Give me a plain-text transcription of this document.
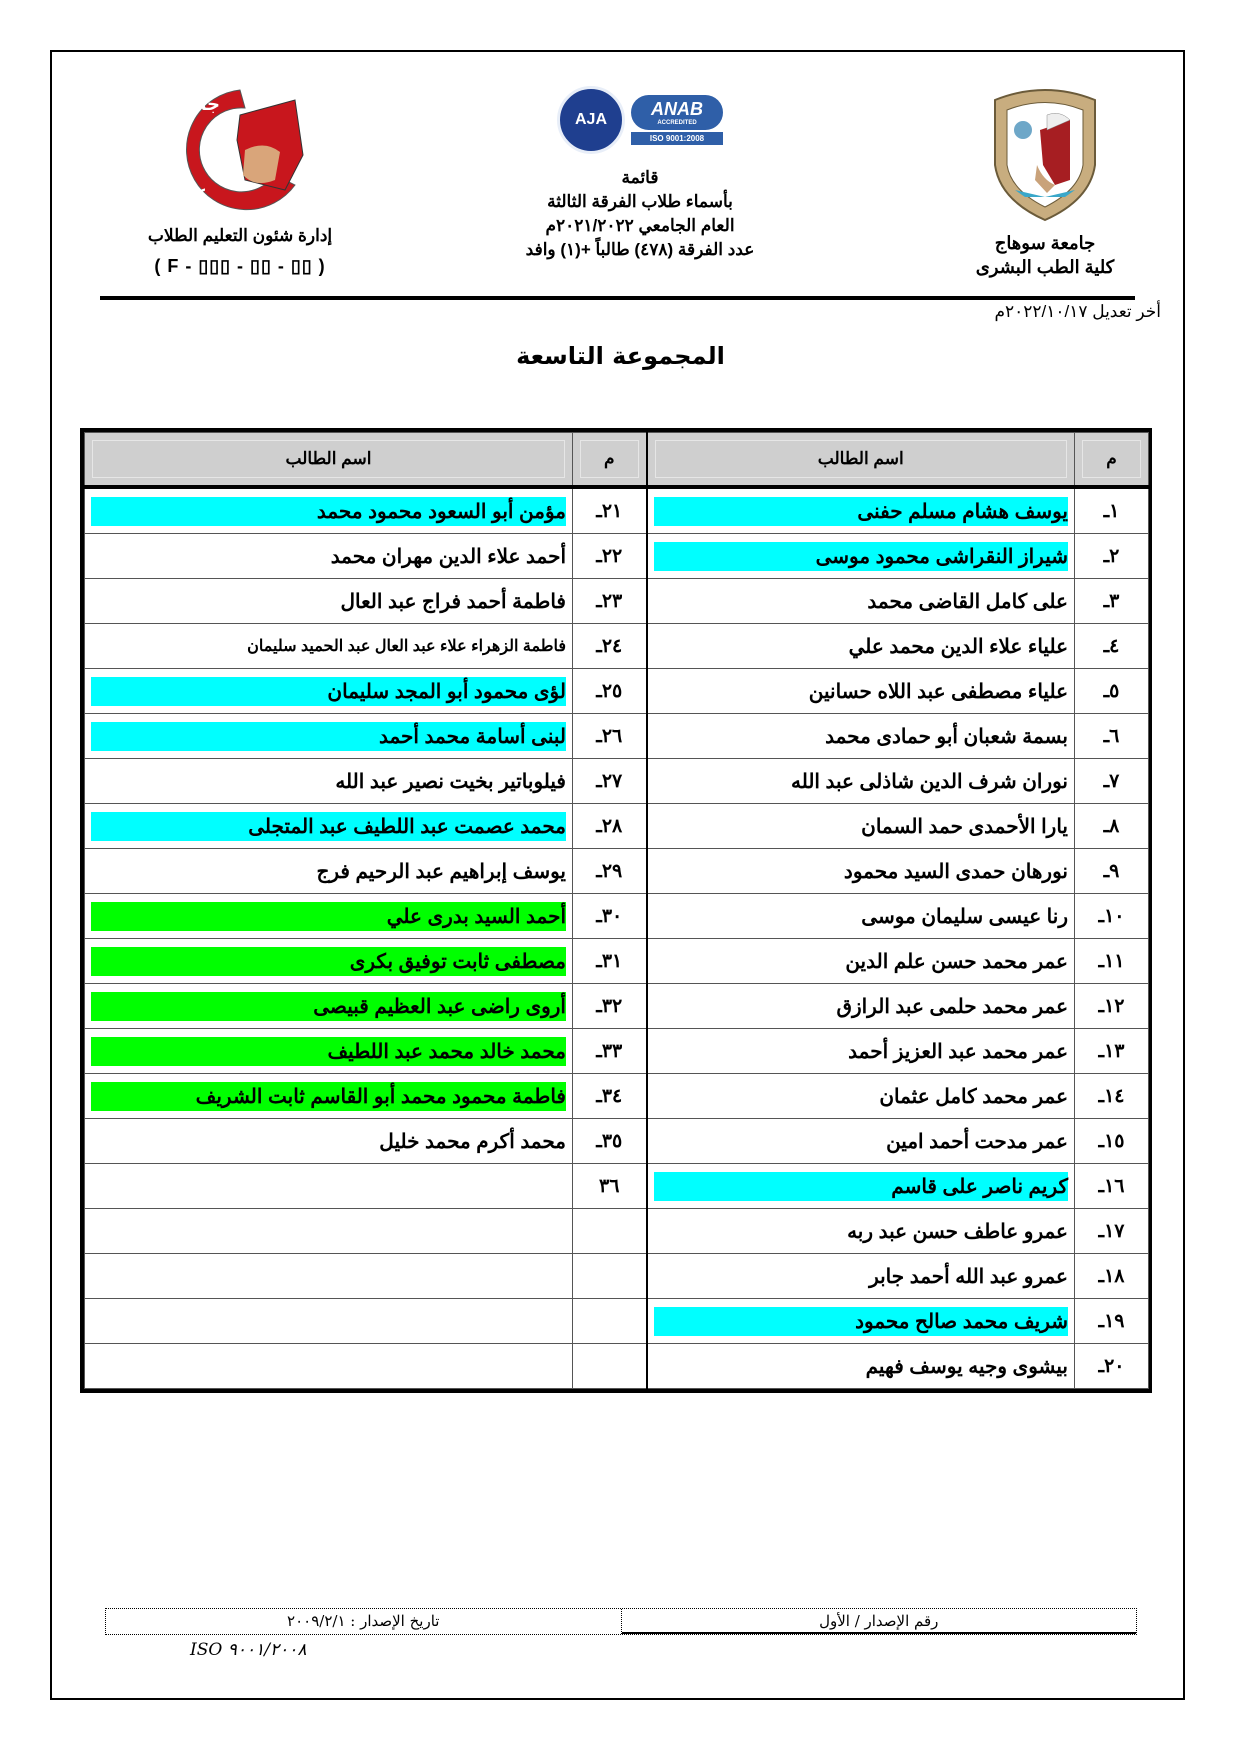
جامعة سوهاج
كلية الطب

إدارة شئون التعليم الطلاب

( F - ▯▯▯ - ▯▯ - ▯▯ )
ANAB
ACCREDITED
ISO 9001:2008
AJA

قائمة

بأسماء طلاب الفرقة الثالثة

العام الجامعي ٢٠٢١/٢٠٢٢م

عدد الفرقة (٤٧٨) طالباً +(١) وافد	جامعة سوهاج

كلية الطب البشرى

أخر تعديل ٢٠٢٢/١٠/١٧م
المجموعة التاسعة
م	اسم الطالب	م	اسم الطالب

١ـ	يوسف هشام مسلم حفنى	٢١ـ	مؤمن أبو السعود محمود محمد
٢ـ	شيراز النقراشى محمود موسى	٢٢ـ	أحمد علاء الدين مهران محمد
٣ـ	على كامل القاضى محمد	٢٣ـ	فاطمة أحمد فراج عبد العال
٤ـ	علياء علاء الدين محمد علي	٢٤ـ	فاطمة الزهراء علاء عبد العال عبد الحميد سليمان
٥ـ	علياء مصطفى عبد اللاه حسانين	٢٥ـ	لؤى محمود أبو المجد سليمان
٦ـ	بسمة شعبان أبو حمادى محمد	٢٦ـ	لبنى أسامة محمد أحمد
٧ـ	نوران شرف الدين شاذلى عبد الله	٢٧ـ	فيلوباتير بخيت نصير عبد الله
٨ـ	يارا الأحمدى حمد السمان	٢٨ـ	محمد عصمت عبد اللطيف عبد المتجلى
٩ـ	نورهان حمدى السيد محمود	٢٩ـ	يوسف إبراهيم عبد الرحيم فرج
١٠ـ	رنا عيسى سليمان موسى	٣٠ـ	أحمد السيد بدرى علي
١١ـ	عمر محمد حسن علم الدين	٣١ـ	مصطفى ثابت توفيق بكرى
١٢ـ	عمر محمد حلمى عبد الرازق	٣٢ـ	أروى راضى عبد العظيم قبيصى
١٣ـ	عمر محمد عبد العزيز أحمد	٣٣ـ	محمد خالد محمد عبد اللطيف
١٤ـ	عمر محمد كامل عثمان	٣٤ـ	فاطمة محمود محمد أبو القاسم ثابت الشريف
١٥ـ	عمر مدحت أحمد امين	٣٥ـ	محمد أكرم محمد خليل
١٦ـ	كريم ناصر على قاسم	٣٦	
١٧ـ	عمرو عاطف حسن عبد ربه		
١٨ـ	عمرو عبد الله أحمد جابر		
١٩ـ	شريف محمد صالح محمود		
٢٠ـ	بيشوى وجيه يوسف فهيم		
رقم الإصدار / الأول
تاريخ الإصدار : ٢٠٠٩/٢/١
ISO ٩٠٠١/٢٠٠٨
